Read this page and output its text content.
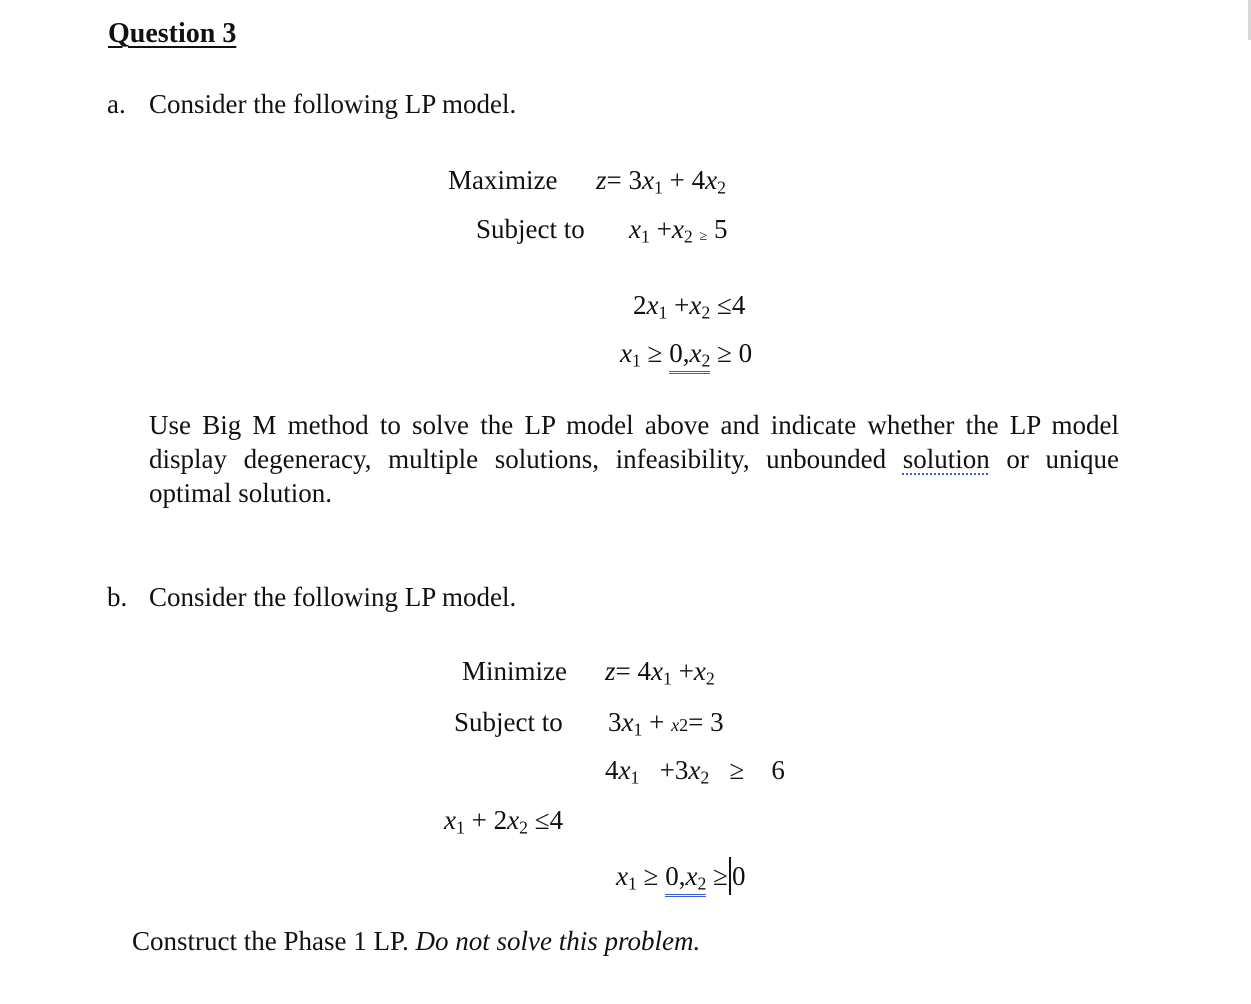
Question 3
a. Consider the following LP model.
Maximize $z= 3x_1 + 4x_2$
Subject to $x_1 +x_2 \ge 5$
$2x_1 +x_2 \le 4$
$x_1 \ge 0,x_2 \ge 0$
Use Big M method to solve the LP model above and indicate whether the LP model display degeneracy, multiple solutions, infeasibility, unbounded solution or unique optimal solution.
b. Consider the following LP model.
Minimize $z= 4x_1 +x_2$
Subject to $3x_1 + x2= 3$
$4x_1 +3x_2$   ≥    6
$x_1 + 2x_2 \le 4$
$x_1 \ge 0,x_2 \ge 0$
Construct the Phase 1 LP. Do not solve this problem.
